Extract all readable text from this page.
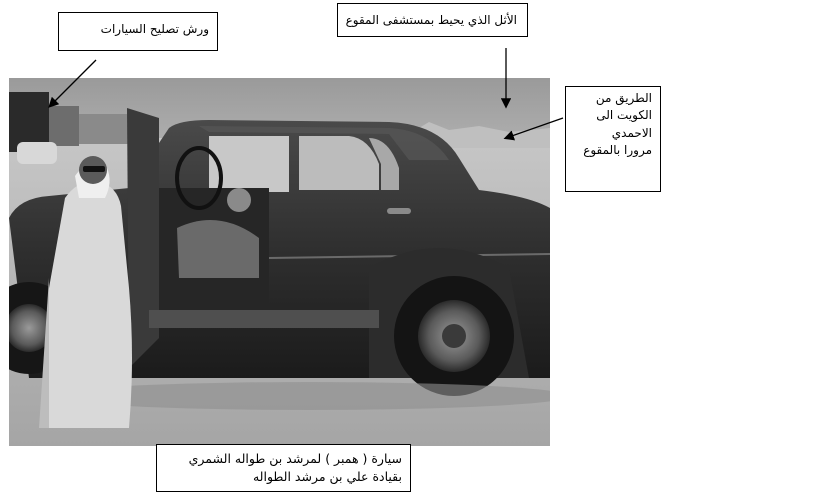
ورش تصليح السيارات
الأثل الذي يحيط بمستشفى المقوع
الطريق من
الكويت الى
الاحمدي
مرورا بالمقوع
سيارة ( همبر ) لمرشد بن طواله الشمري
بقيادة علي بن مرشد الطواله
